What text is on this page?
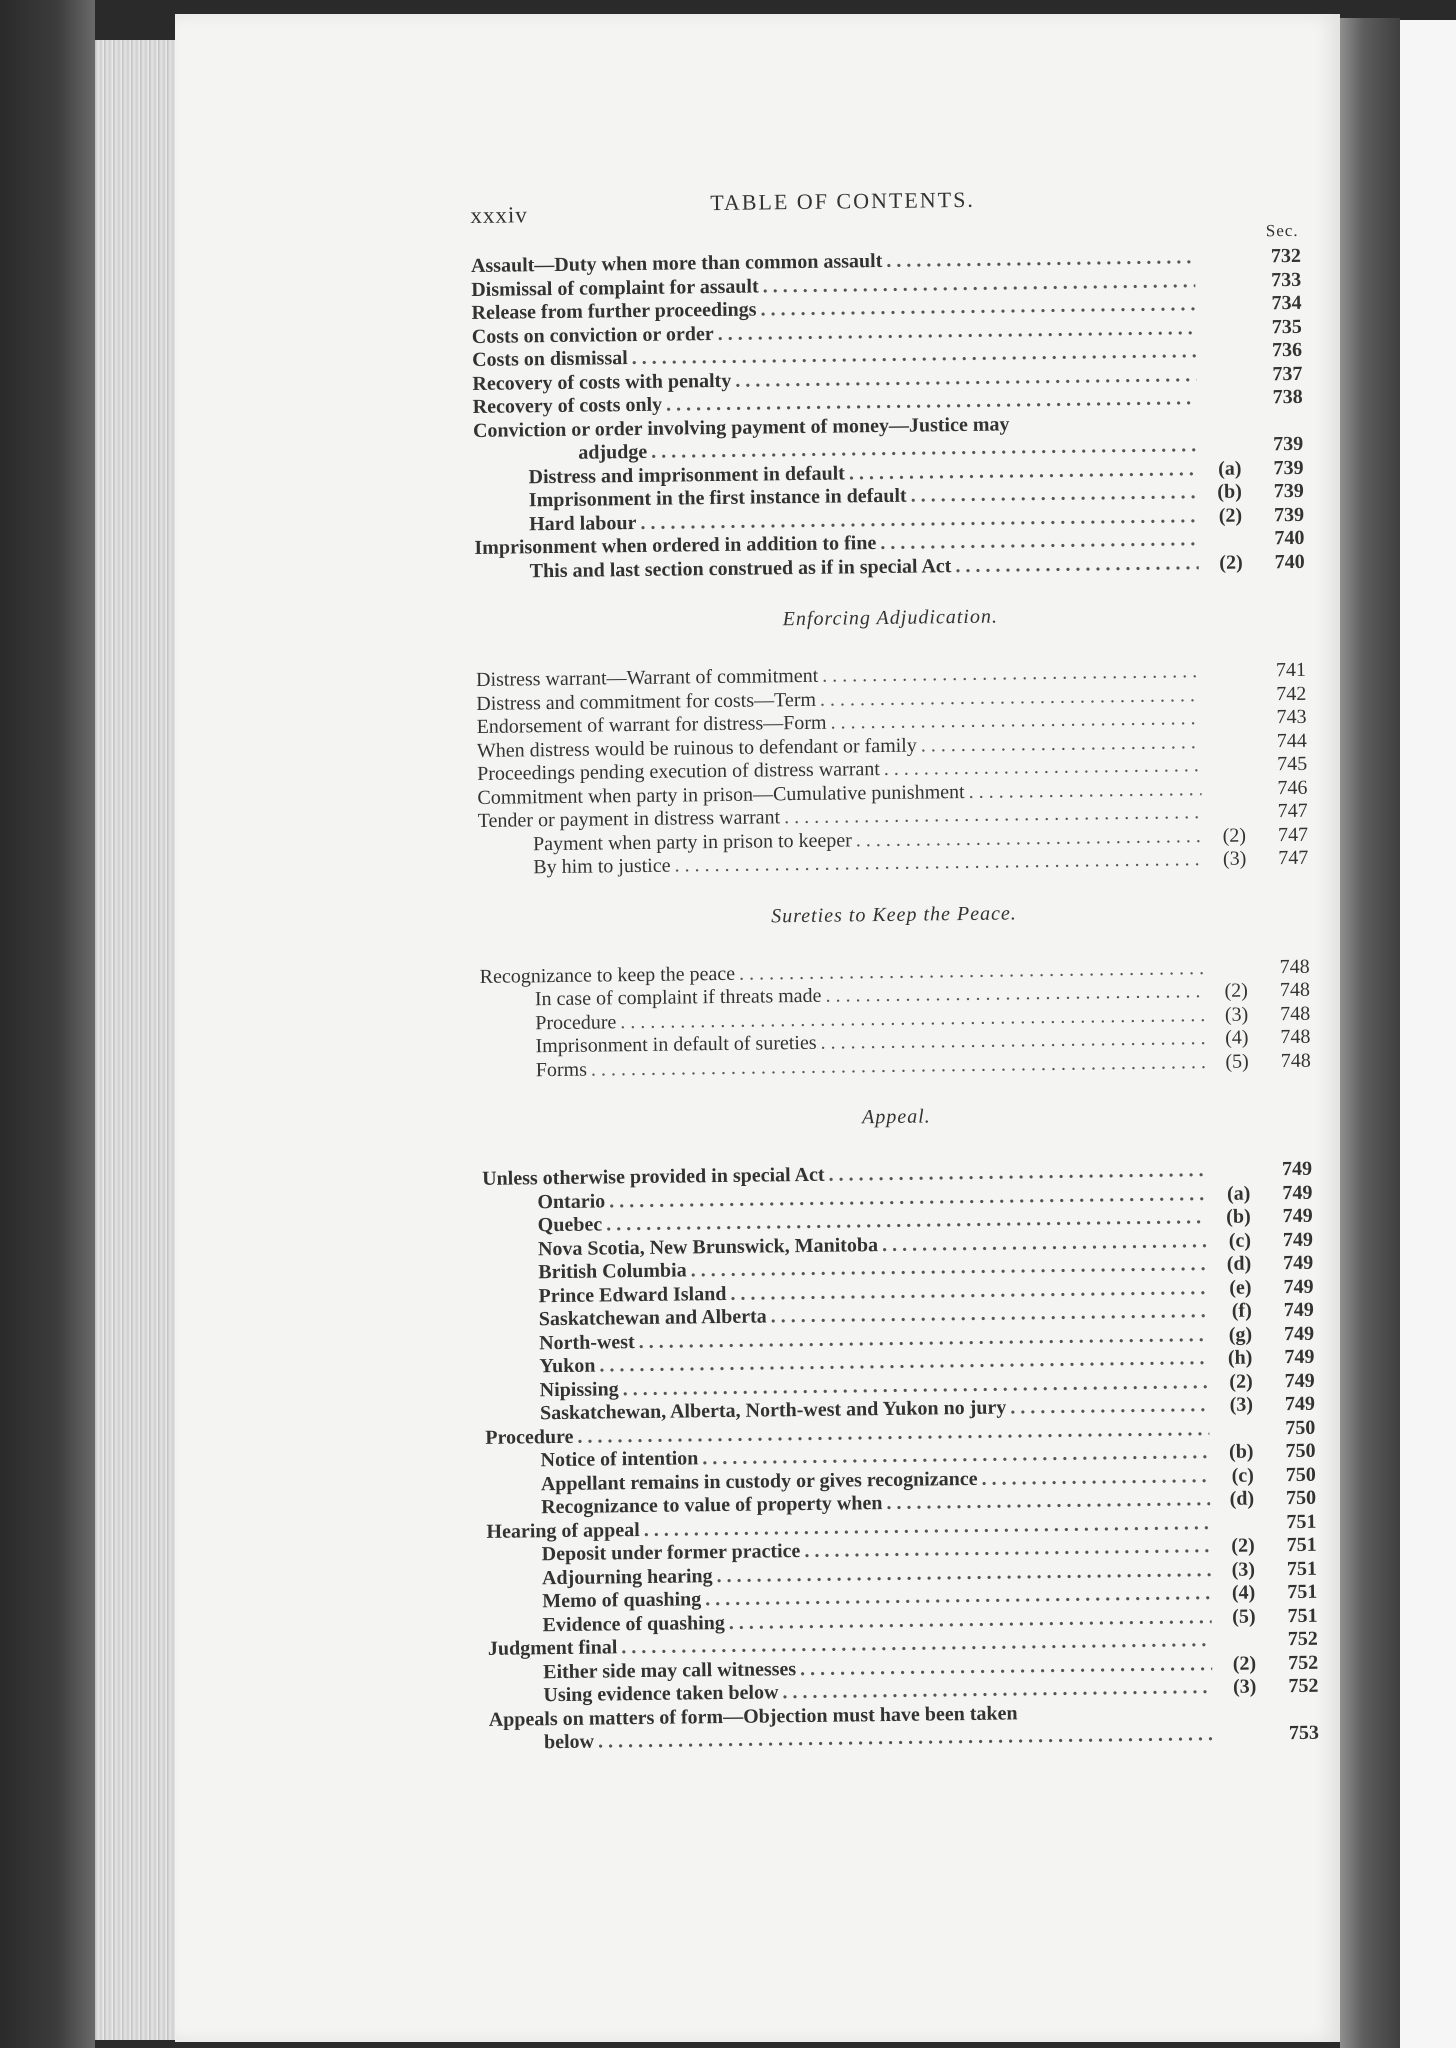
xxxiv
TABLE OF CONTENTS.
Sec.
Assault—Duty when more than common assault . . .	732
Dismissal of complaint for assault . . .	733
Release from further proceedings . . .	734
Costs on conviction or order . . .	735
Costs on dismissal . . .	736
Recovery of costs with penalty . . .	737
Recovery of costs only . . .	738
Conviction or order involving payment of money—Justice may
adjudge . . .	739
Distress and imprisonment in default . . .	(a)	739
Imprisonment in the first instance in default . . .	(b)	739
Hard labour . . .	(2)	739
Imprisonment when ordered in addition to fine . . .	740
This and last section construed as if in special Act . . .	(2)	740
Enforcing Adjudication.
Distress warrant—Warrant of commitment . . .	741
Distress and commitment for costs—Term . . .	742
Endorsement of warrant for distress—Form . . .	743
When distress would be ruinous to defendant or family . . .	744
Proceedings pending execution of distress warrant . . .	745
Commitment when party in prison—Cumulative punishment . . .	746
Tender or payment in distress warrant . . .	747
Payment when party in prison to keeper . . .	(2)	747
By him to justice . . .	(3)	747
Sureties to Keep the Peace.
Recognizance to keep the peace . . .	748
In case of complaint if threats made . . .	(2)	748
Procedure . . .	(3)	748
Imprisonment in default of sureties . . .	(4)	748
Forms . . .	(5)	748
Appeal.
Unless otherwise provided in special Act . . .	749
Ontario . . .	(a)	749
Quebec . . .	(b)	749
Nova Scotia, New Brunswick, Manitoba . . .	(c)	749
British Columbia . . .	(d)	749
Prince Edward Island . . .	(e)	749
Saskatchewan and Alberta . . .	(f)	749
North-west . . .	(g)	749
Yukon . . .	(h)	749
Nipissing . . .	(2)	749
Saskatchewan, Alberta, North-west and Yukon no jury . . .	(3)	749
Procedure . . .	750
Notice of intention . . .	(b)	750
Appellant remains in custody or gives recognizance . . .	(c)	750
Recognizance to value of property when . . .	(d)	750
Hearing of appeal . . .	751
Deposit under former practice . . .	(2)	751
Adjourning hearing . . .	(3)	751
Memo of quashing . . .	(4)	751
Evidence of quashing . . .	(5)	751
Judgment final . . .	752
Either side may call witnesses . . .	(2)	752
Using evidence taken below . . .	(3)	752
Appeals on matters of form—Objection must have been taken
below . . .	753
